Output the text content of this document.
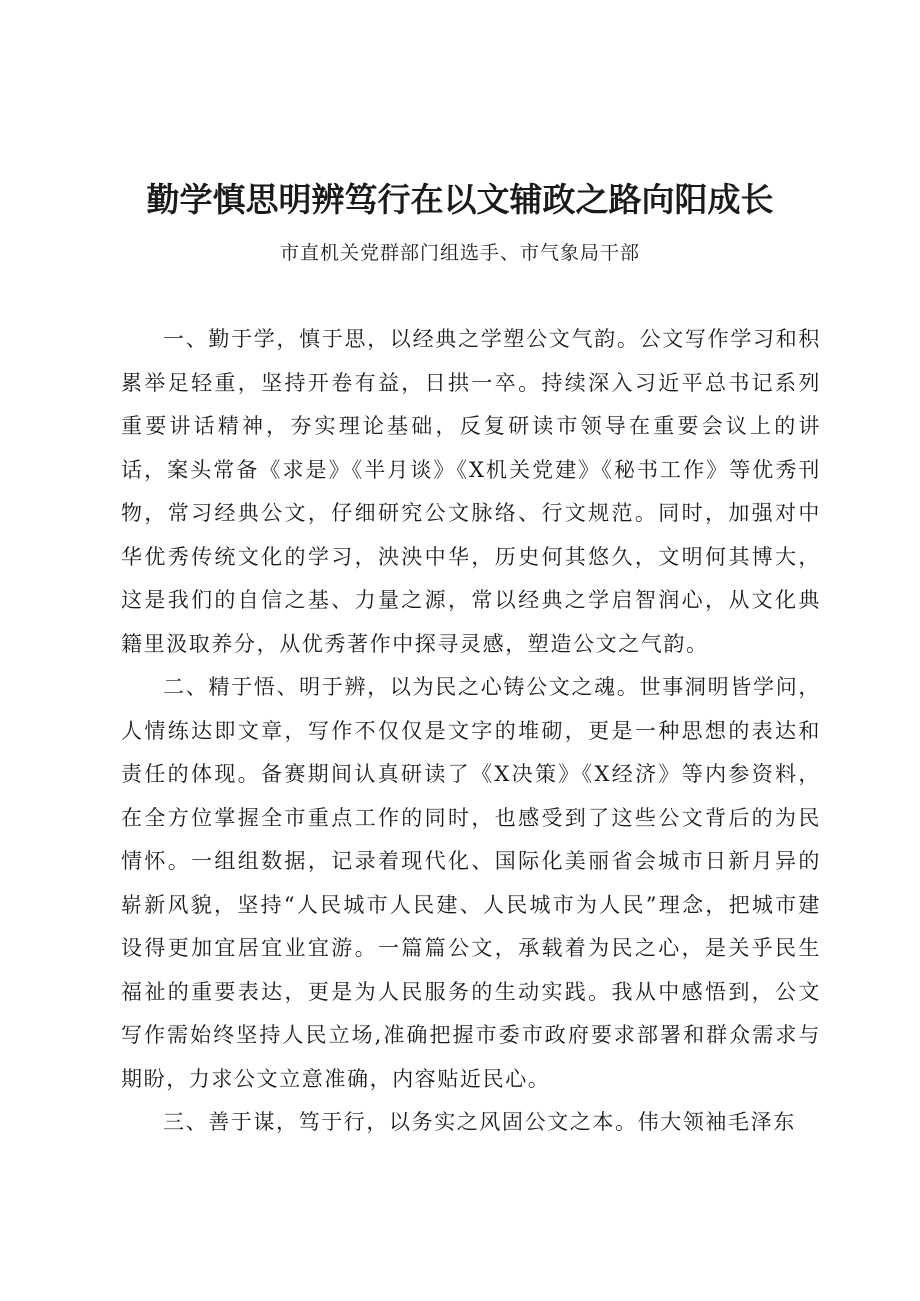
勤学慎思明辨笃行在以文辅政之路向阳成长

市直机关党群部门组选手、市气象局干部

一、勤于学，慎于思，以经典之学塑公文气韵。公文写作学习和积累举足轻重，坚持开卷有益，日拱一卒。持续深入习近平总书记系列重要讲话精神，夯实理论基础，反复研读市领导在重要会议上的讲话，案头常备《求是》《半月谈》《X机关党建》《秘书工作》等优秀刊物，常习经典公文，仔细研究公文脉络、行文规范。同时，加强对中华优秀传统文化的学习，泱泱中华，历史何其悠久，文明何其博大，这是我们的自信之基、力量之源，常以经典之学启智润心，从文化典籍里汲取养分，从优秀著作中探寻灵感，塑造公文之气韵。

二、精于悟、明于辨，以为民之心铸公文之魂。世事洞明皆学问，人情练达即文章，写作不仅仅是文字的堆砌，更是一种思想的表达和责任的体现。备赛期间认真研读了《X决策》《X经济》等内参资料，在全方位掌握全市重点工作的同时，也感受到了这些公文背后的为民情怀。一组组数据，记录着现代化、国际化美丽省会城市日新月异的崭新风貌，坚持“人民城市人民建、人民城市为人民”理念，把城市建设得更加宜居宜业宜游。一篇篇公文，承载着为民之心，是关乎民生福祉的重要表达，更是为人民服务的生动实践。我从中感悟到，公文写作需始终坚持人民立场,准确把握市委市政府要求部署和群众需求与期盼，力求公文立意准确，内容贴近民心。

三、善于谋，笃于行，以务实之风固公文之本。伟大领袖毛泽东
